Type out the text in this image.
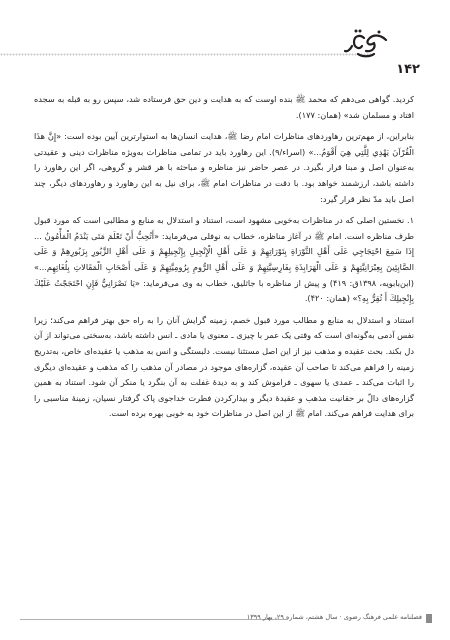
۱۴۲

کردید. گواهی می‌دهم که محمد ﷺ بنده اوست که به هدایت و دین حق فرستاده شد، سپس رو به قبله به سجده افتاد و مسلمان شد» (همان: ۱۷۷).

بنابراین، از مهم‌ترین رهاوردهای مناظرات امام رضا ﷺ، هدایت انسان‌ها به استوارترین آیین بوده است: «إِنَّ هذَا الْقُرْآنَ يَهْدِي لِلَّتِي هِيَ أَقْوَمُ...» (اسراء/۹). این رهاورد باید در تمامی مناظرات به‌ویژه مناظرات دینی و عقیدتی به‌عنوان اصل و مبنا قرار بگیرد. در عصر حاضر نیز مناظره و مباحثه با هر قشر و گروهی، اگر این رهاورد را داشته باشد، ارزشمند خواهد بود. با دقت در مناظرات امام ﷺ، برای نیل به این رهاورد و رهاوردهای دیگر، چند اصل باید مدّ نظر قرار گیرد:

۱. نخستین اصلی که در مناظرات به‌خوبی مشهود است، استناد و استدلال به منابع و مطالبی است که مورد قبول طرف مناظره است. امام ﷺ در آغاز مناظره، خطاب به نوفلی می‌فرماید: «أَتُحِبُّ أَنْ تَعْلَمَ مَتَى يَنْدَمُ الْمَأْمُونُ ... إِذَا سَمِعَ احْتِجَاجِي عَلَى أَهْلِ التَّوْرَاةِ بِتَوْرَاتِهِمْ وَ عَلَى أَهْلِ الْإِنْجِيلِ بِإِنْجِيلِهِمْ وَ عَلَى أَهْلِ الزَّبُورِ بِزَبُورِهِمْ وَ عَلَى الصَّابِئِينَ بِعِبْرَانِيَّتِهِمْ وَ عَلَى الْهَرَابِذَةِ بِفَارِسِيَّتِهِمْ وَ عَلَى أَهْلِ الرُّومِ بِرُومِيَّتِهِمْ وَ عَلَى أَصْحَابِ الْمَقَالاتِ بِلُغَاتِهِم...» (ابن‌بابویه، ۱۳۹۸ق: ۴۱۹) و پیش از مناظره با جاثلیق، خطاب به وی می‌فرماید: «يَا نَصْرَانِيُّ فَإِنِ احْتَجَجْتُ عَلَيْكَ بِإِنْجِيلِكَ أَ تُقِرُّ بِهِ؟» (همان: ۴۲۰).

استناد و استدلال به منابع و مطالب مورد قبول خصم، زمینه گرایش آنان را به راه حق بهتر فراهم می‌کند؛ زیرا نفس آدمی به‌گونه‌ای است که وقتی یک عمر با چیزی ـ معنوی یا مادی ـ انس داشته باشد، به‌سختی می‌تواند از آن دل بکند. بحث عقیده و مذهب نیز از این اصل مستثنا نیست. دلبستگی و انس به مذهب یا عقیده‌ای خاص، به‌تدریج زمینه را فراهم می‌کند تا صاحب آن عقیده، گزاره‌های موجود در مصادر آن مذهب را که مذهب و عقیده‌ای دیگری را اثبات می‌کند ـ عمدی یا سهوی ـ فراموش کند و به دیدهٔ غفلت به آن بنگرد یا منکر آن شود. استناد به همین گزاره‌های دالّ بر حقانیت مذهب و عقیدهٔ دیگر و بیدارکردن فطرت خداجوی پاک گرفتار نسیان، زمینهٔ مناسبی را برای هدایت فراهم می‌کند. امام ﷺ از این اصل در مناظرات خود به خوبی بهره برده است.

فصلنامه علمی فرهنگ رضوی · سال هشتم، شماره ۲۹، بهار ۱۳۹۹
